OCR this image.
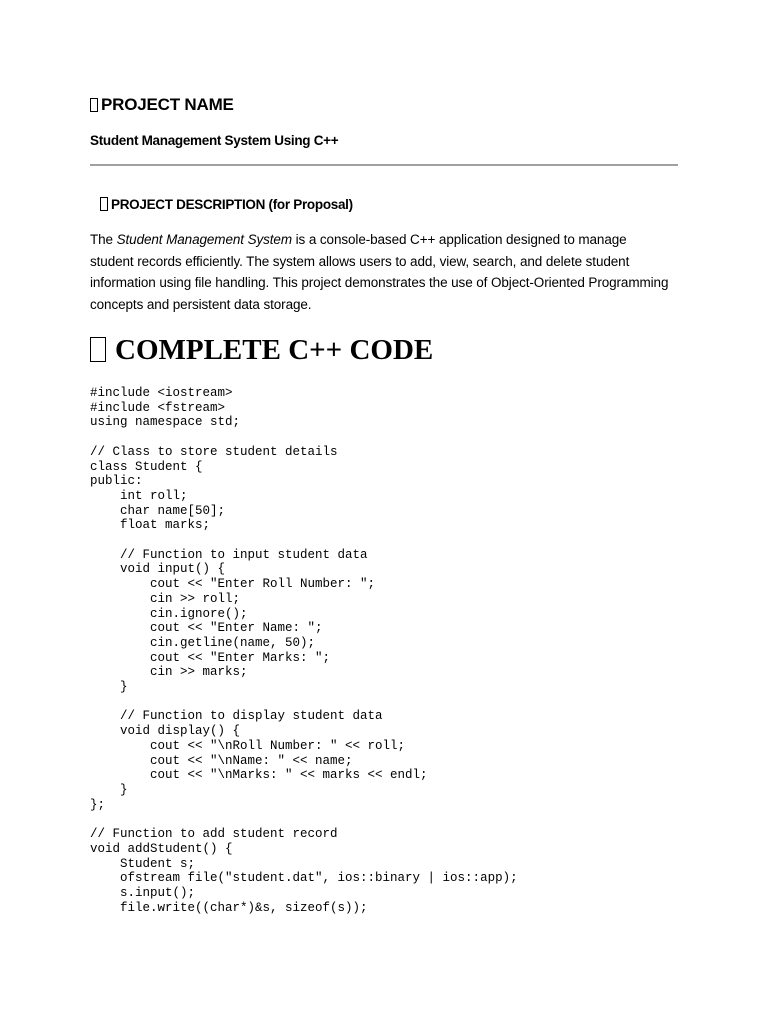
PROJECT NAME
Student Management System Using C++
PROJECT DESCRIPTION (for Proposal)

The Student Management System is a console-based C++ application designed to manage student records efficiently. The system allows users to add, view, search, and delete student information using file handling. This project demonstrates the use of Object-Oriented Programming concepts and persistent data storage.

COMPLETE C++ CODE
#include <iostream>
#include <fstream>
using namespace std;

// Class to store student details
class Student {
public:
int roll;
char name[50];
float marks;

// Function to input student data
void input() {
cout << "Enter Roll Number: ";
cin >> roll;
cin.ignore();
cout << "Enter Name: ";
cin.getline(name, 50);
cout << "Enter Marks: ";
cin >> marks;
}

// Function to display student data
void display() {
cout << "\nRoll Number: " << roll;
cout << "\nName: " << name;
cout << "\nMarks: " << marks << endl;
}
};

// Function to add student record
void addStudent() {
Student s;
ofstream file("student.dat", ios::binary | ios::app);
s.input();
file.write((char*)&s, sizeof(s));
